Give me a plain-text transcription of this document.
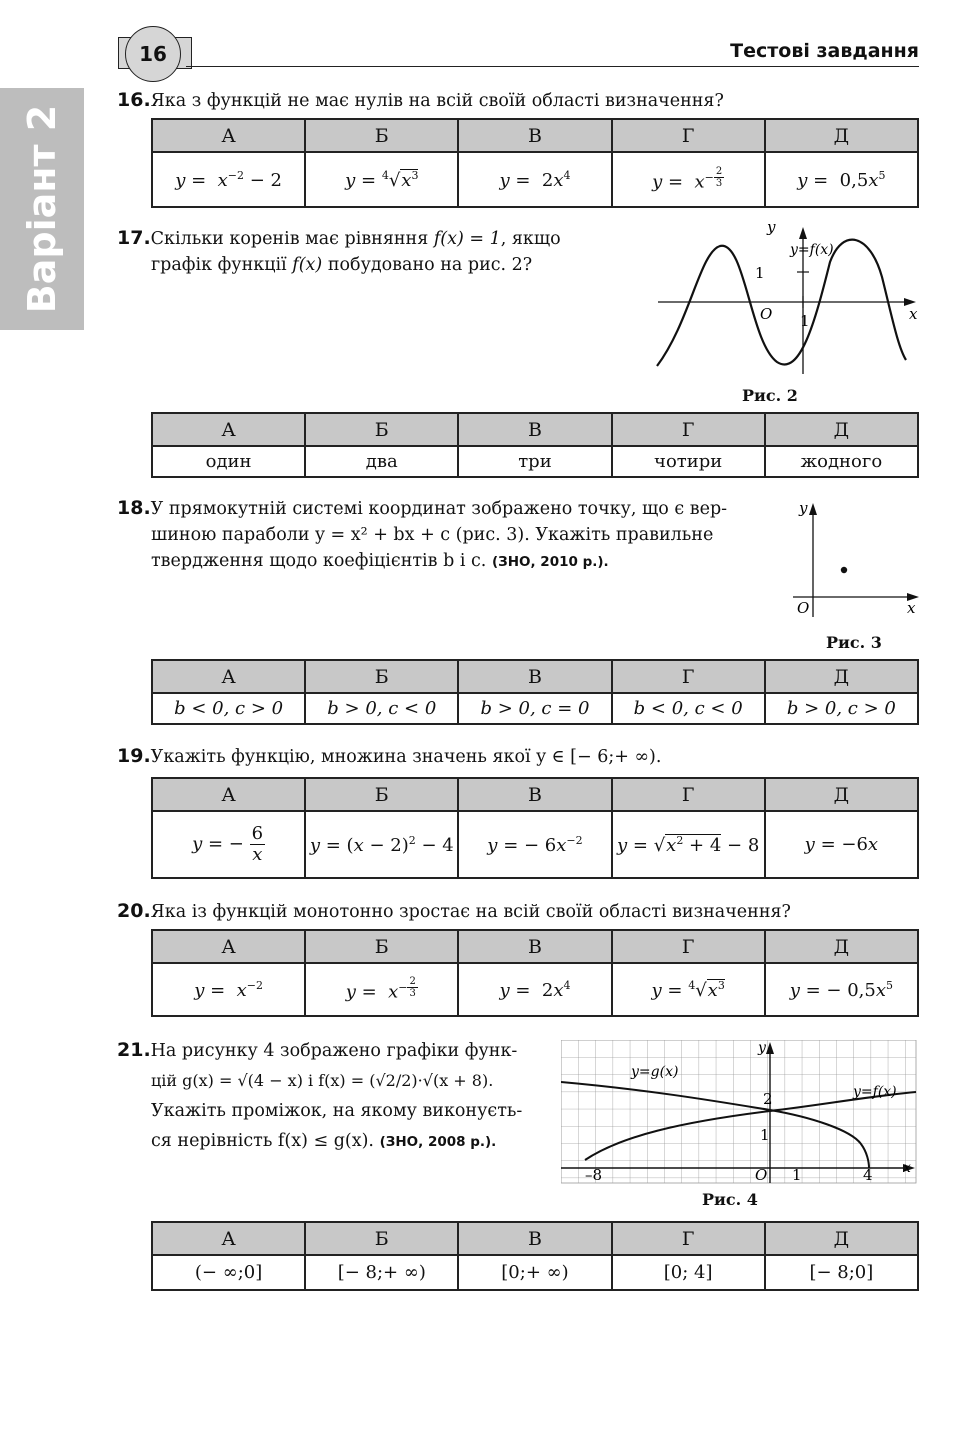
Варіант 2
16	Тестові завдання
16.Яка з функцій не має нулів на всій своїй області визначення?
А	Б	В	Г	Д
$y = x^{-2} - 2$	$y = ^4√x^3$	$y = 2x^4$	$y = x^{- \frac{2}{3}}$	$y = 0,5x^5$
17.Скільки коренів має рівняння f(x) = 1, якщо
графік функції f(x) побудовано на рис. 2?
y
x
O 1
1
y=f(x)
Рис. 2
А	Б	В	Г	Д
один	два	три	чотири	жодного
18.У прямокутній системі координат зображено точку, що є вер-
шиною параболи y = x² + bx + c (рис. 3). Укажіть правильне
твердження щодо коефіцієнтів b і c. (ЗНО, 2010 р.).
y
x
O
Рис. 3
А	Б	В	Г	Д
b < 0, c > 0	b > 0, c < 0	b > 0, c = 0	b < 0, c < 0	b > 0, c > 0
19.Укажіть функцію, множина значень якої y ∈ [− 6;+ ∞).
А	Б	В	Г	Д
y = − $\frac{6}{x}$	$y = (x - 2)^2 - 4$	y = − $6x^{-2}$	$y = √x^2 + 4 - 8$	y = −6x
20.Яка із функцій монотонно зростає на всій своїй області визначення?
А	Б	В	Г	Д
$y = x^{-2}$	$y = x^{- \frac{2}{3}}$	$y = 2x^4$	$y = ^4√x^3$	y = − $0,5x^5$
21.На рисунку 4 зображено графіки функ-
цій g(x) = √(4 − x) і f(x) = (√2/2)·√(x + 8).
Укажіть проміжок, на якому виконуєть-
ся нерівність f(x) ≤ g(x). (ЗНО, 2008 р.).
y=g(x)
y=f(x)
y
x
O 1
2
1
–8	4
Рис. 4
А	Б	В	Г	Д
(− ∞;0]	[− 8;+ ∞)	[0;+ ∞)	[0; 4]	[− 8;0]
